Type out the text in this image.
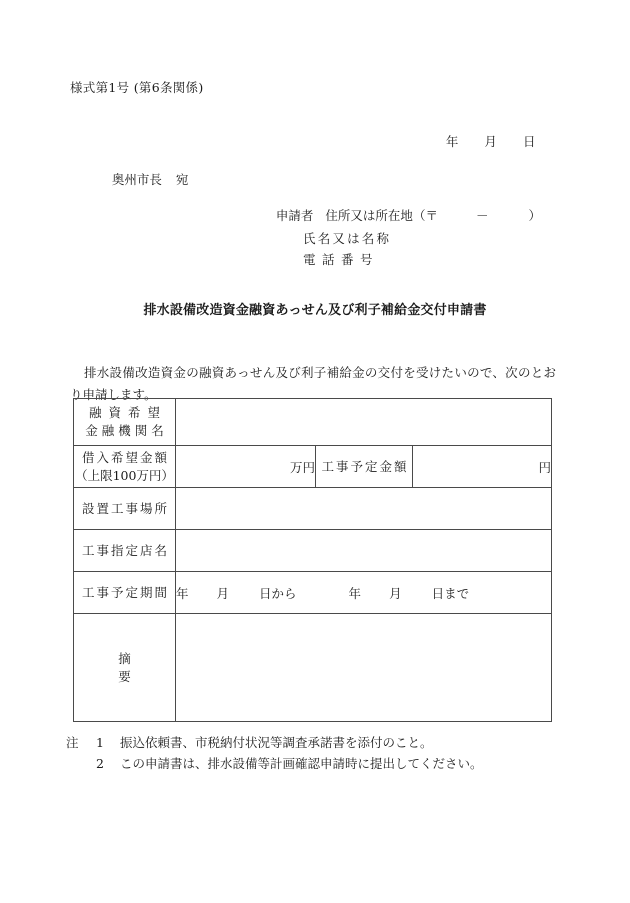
様式第1号 (第6条関係)

年 月 日

奥州市長 宛

申請者 住所又は所在地（〒	－	）

氏名又は名称
電話番号
排水設備改造資金融資あっせん及び利子補給金交付申請書
排水設備改造資金の融資あっせん及び利子補給金の交付を受けたいので、次のとおり申請します。
融資希望
金融機関名			
借入希望金額
（上限100万円）	万円	工事予定金額	円
設置工事場所			
工事指定店名			
工事予定期間	年 月 日から 年 月 日まで		
摘要			
注 1 振込依頼書、市税納付状況等調査承諾書を添付のこと。
2 この申請書は、排水設備等計画確認申請時に提出してください。
